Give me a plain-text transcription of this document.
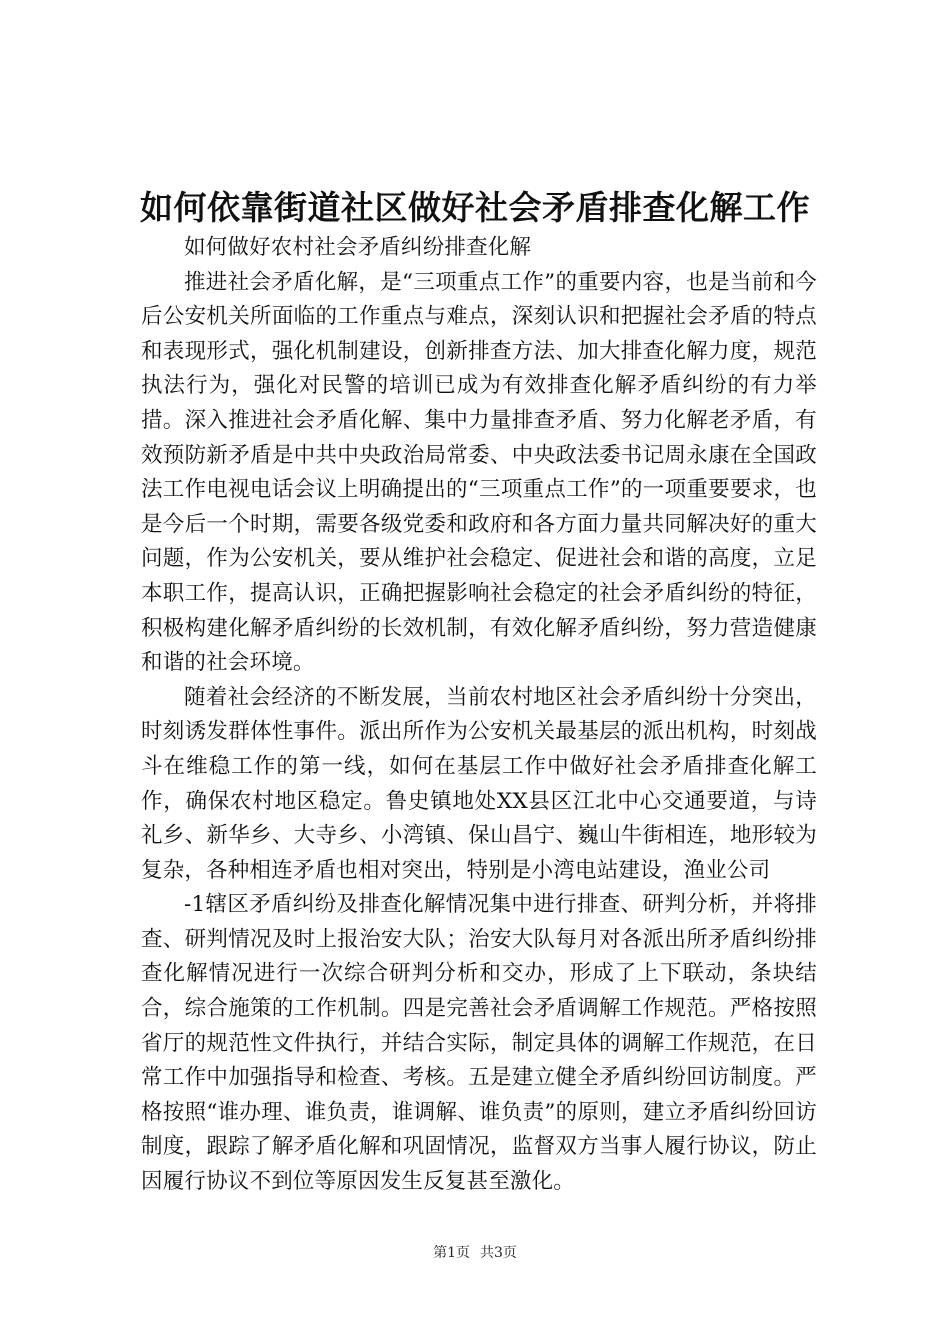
如何依靠街道社区做好社会矛盾排查化解工作

如何做好农村社会矛盾纠纷排查化解

推进社会矛盾化解，是“三项重点工作”的重要内容，也是当前和今后公安机关所面临的工作重点与难点，深刻认识和把握社会矛盾的特点和表现形式，强化机制建设，创新排查方法、加大排查化解力度，规范执法行为，强化对民警的培训已成为有效排查化解矛盾纠纷的有力举措。深入推进社会矛盾化解、集中力量排查矛盾、努力化解老矛盾，有效预防新矛盾是中共中央政治局常委、中央政法委书记周永康在全国政法工作电视电话会议上明确提出的“三项重点工作”的一项重要要求，也是今后一个时期，需要各级党委和政府和各方面力量共同解决好的重大问题，作为公安机关，要从维护社会稳定、促进社会和谐的高度，立足本职工作，提高认识，正确把握影响社会稳定的社会矛盾纠纷的特征，积极构建化解矛盾纠纷的长效机制，有效化解矛盾纠纷，努力营造健康和谐的社会环境。

随着社会经济的不断发展，当前农村地区社会矛盾纠纷十分突出，时刻诱发群体性事件。派出所作为公安机关最基层的派出机构，时刻战斗在维稳工作的第一线，如何在基层工作中做好社会矛盾排查化解工作，确保农村地区稳定。鲁史镇地处XX县区江北中心交通要道，与诗礼乡、新华乡、大寺乡、小湾镇、保山昌宁、巍山牛街相连，地形较为复杂，各种相连矛盾也相对突出，特别是小湾电站建设，渔业公司

-1辖区矛盾纠纷及排查化解情况集中进行排查、研判分析，并将排查、研判情况及时上报治安大队；治安大队每月对各派出所矛盾纠纷排查化解情况进行一次综合研判分析和交办，形成了上下联动，条块结合，综合施策的工作机制。四是完善社会矛盾调解工作规范。严格按照省厅的规范性文件执行，并结合实际，制定具体的调解工作规范，在日常工作中加强指导和检查、考核。五是建立健全矛盾纠纷回访制度。严格按照“谁办理、谁负责，谁调解、谁负责”的原则，建立矛盾纠纷回访制度，跟踪了解矛盾化解和巩固情况，监督双方当事人履行协议，防止因履行协议不到位等原因发生反复甚至激化。

第1页 共3页
